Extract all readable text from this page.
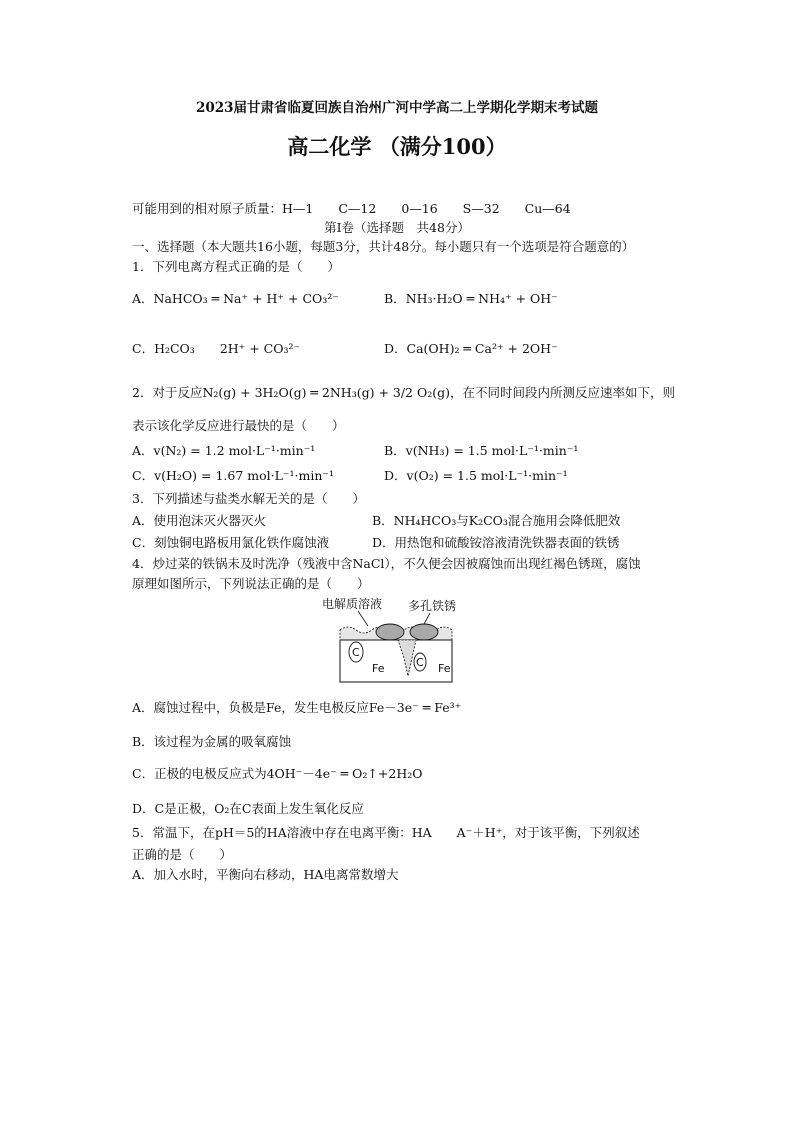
2023届甘肃省临夏回族自治州广河中学高二上学期化学期末考试题
高二化学 （满分100）
可能用到的相对原子质量：H—1　　C—12　　0—16　　S—32　　Cu—64
第Ⅰ卷（选择题　共48分）
一、选择题（本大题共16小题，每题3分，共计48分。每小题只有一个选项是符合题意的）
1．下列电离方程式正确的是（　　）
A．NaHCO₃ ═ Na⁺ + H⁺ + CO₃²⁻	B．NH₃·H₂O ═ NH₄⁺ + OH⁻
C．H₂CO₃　　2H⁺ + CO₃²⁻	D．Ca(OH)₂ ═ Ca²⁺ + 2OH⁻
2．对于反应N₂(g) + 3H₂O(g) ═ 2NH₃(g) + 3/2 O₂(g)，在不同时间段内所测反应速率如下，则
表示该化学反应进行最快的是（　　）
A．v(N₂) = 1.2 mol·L⁻¹·min⁻¹	B．v(NH₃) = 1.5 mol·L⁻¹·min⁻¹
C．v(H₂O) = 1.67 mol·L⁻¹·min⁻¹	D．v(O₂) = 1.5 mol·L⁻¹·min⁻¹
3．下列描述与盐类水解无关的是（　　）
A．使用泡沫灭火器灭火	B．NH₄HCO₃与K₂CO₃混合施用会降低肥效
C．刻蚀铜电路板用氯化铁作腐蚀液	D．用热饱和硫酸铵溶液清洗铁器表面的铁锈
4．炒过菜的铁锅未及时洗净（残液中含NaCl），不久便会因被腐蚀而出现红褐色锈斑，腐蚀
原理如图所示，下列说法正确的是（　　）
电解质溶液 多孔铁锈
C
Fe	C Fe
A．腐蚀过程中，负极是Fe，发生电极反应Fe－3e⁻ ═ Fe³⁺
B．该过程为金属的吸氧腐蚀
C．正极的电极反应式为4OH⁻－4e⁻ ═ O₂↑+2H₂O
D．C是正极，O₂在C表面上发生氧化反应
5．常温下，在pH＝5的HA溶液中存在电离平衡：HA　　A⁻＋H⁺，对于该平衡，下列叙述
正确的是（　　）
A．加入水时，平衡向右移动，HA电离常数增大
